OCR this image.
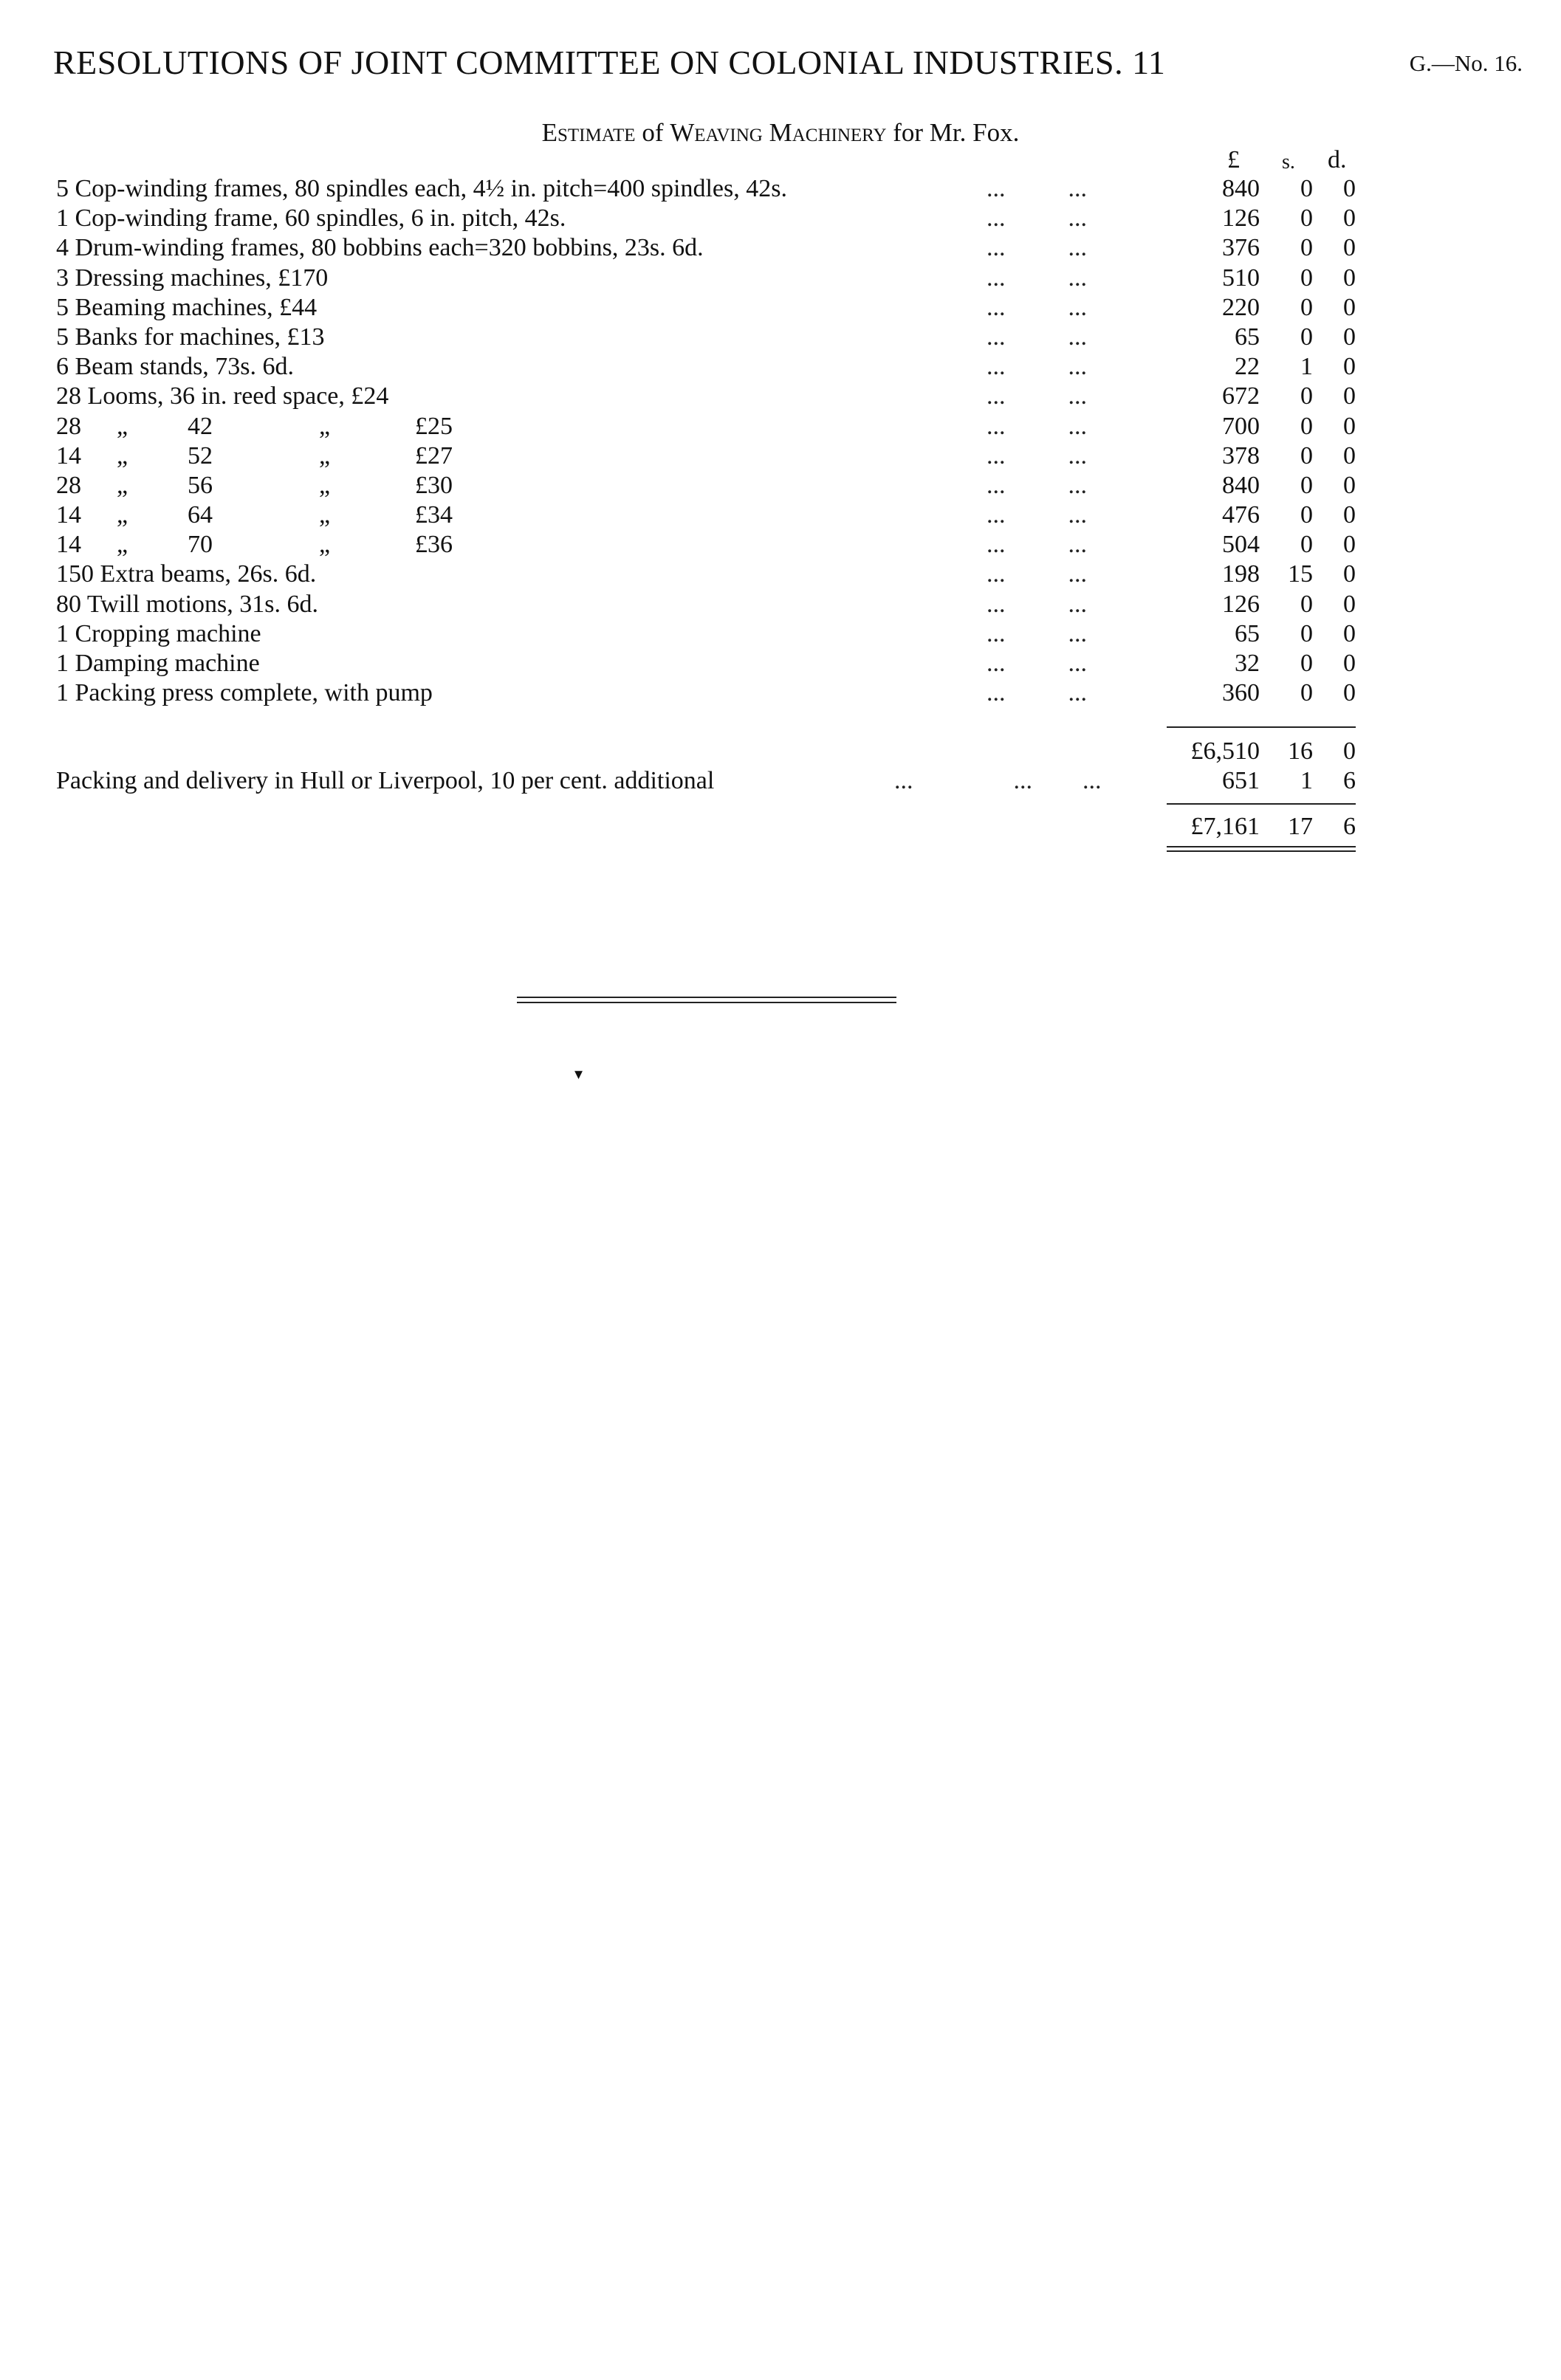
RESOLUTIONS OF JOINT COMMITTEE ON COLONIAL INDUSTRIES. 11	G.—No. 16.
Estimate of Weaving Machinery for Mr. Fox.
£ s. d.
5 Cop-winding frames, 80 spindles each, 4½ in. pitch=400 spindles, 42s.	...          ...	840 0 0
1 Cop-winding frame, 60 spindles, 6 in. pitch, 42s.	...          ...	126 0 0
4 Drum-winding frames, 80 bobbins each=320 bobbins, 23s. 6d.	...          ...	376 0 0
3 Dressing machines, £170	...          ...	510 0 0
5 Beaming machines, £44	...          ...	220 0 0
5 Banks for machines, £13	...          ...	65 0 0
6 Beam stands, 73s. 6d.	...          ...	22 1 0
28 Looms, 36 in. reed space, £24	...          ...	672 0 0
28 „ 42	„	£25	...          ...	700 0 0
14 „ 52	„	£27	...          ...	378 0 0
28 „ 56	„	£30	...          ...	840 0 0
14 „ 64	„	£34	...          ...	476 0 0
14 „ 70	„	£36	...          ...	504 0 0
150 Extra beams, 26s. 6d.	...          ...	198 15 0
80 Twill motions, 31s. 6d.	...          ...	126 0 0
1 Cropping machine	...          ...	65 0 0
1 Damping machine	...          ...	32 0 0
1 Packing press complete, with pump	...          ...	360 0 0
£6,510 16 0
Packing and delivery in Hull or Liverpool, 10 per cent. additional	...                ...        ...	651 1 6
£7,161 17 6
▾
